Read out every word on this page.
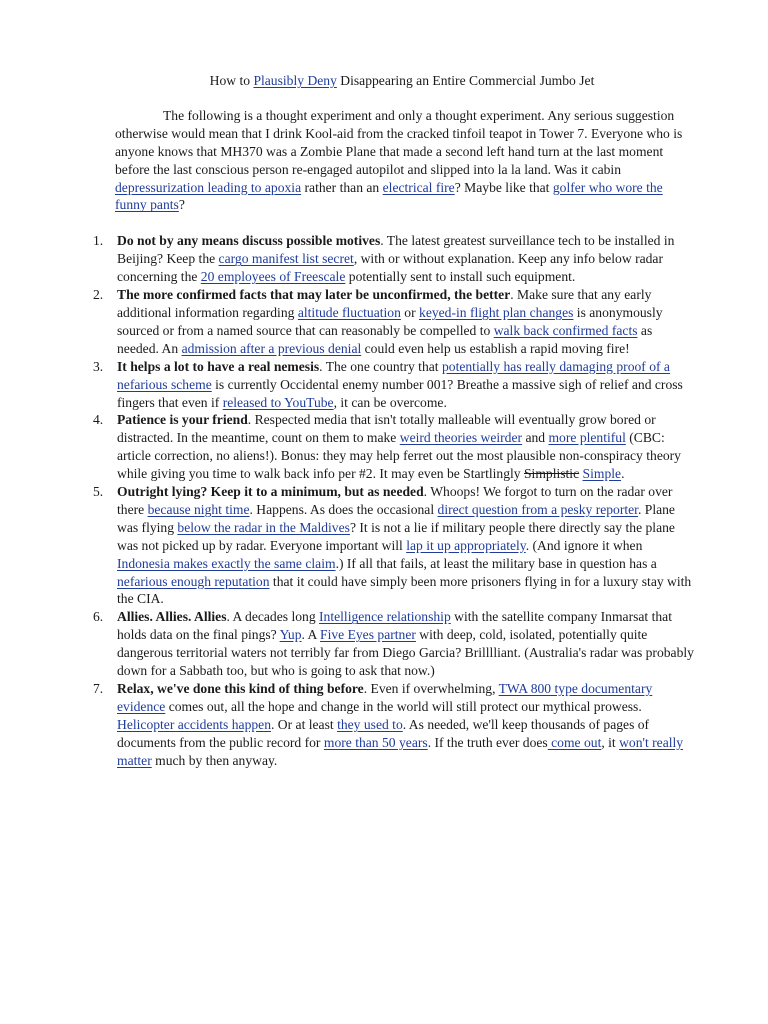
How to Plausibly Deny Disappearing an Entire Commercial Jumbo Jet

The following is a thought experiment and only a thought experiment. Any serious suggestion otherwise would mean that I drink Kool-aid from the cracked tinfoil teapot in Tower 7. Everyone who is anyone knows that MH370 was a Zombie Plane that made a second left hand turn at the last moment before the last conscious person re-engaged autopilot and slipped into la la land. Was it cabin depressurization leading to apoxia rather than an electrical fire? Maybe like that golfer who wore the funny pants?

1. Do not by any means discuss possible motives. The latest greatest surveillance tech to be installed in Beijing? Keep the cargo manifest list secret, with or without explanation. Keep any info below radar concerning the 20 employees of Freescale potentially sent to install such equipment.
2. The more confirmed facts that may later be unconfirmed, the better. Make sure that any early additional information regarding altitude fluctuation or keyed-in flight plan changes is anonymously sourced or from a named source that can reasonably be compelled to walk back confirmed facts as needed. An admission after a previous denial could even help us establish a rapid moving fire!
3. It helps a lot to have a real nemesis. The one country that potentially has really damaging proof of a nefarious scheme is currently Occidental enemy number 001? Breathe a massive sigh of relief and cross fingers that even if released to YouTube, it can be overcome.
4. Patience is your friend. Respected media that isn't totally malleable will eventually grow bored or distracted. In the meantime, count on them to make weird theories weirder and more plentiful (CBC: article correction, no aliens!). Bonus: they may help ferret out the most plausible non-conspiracy theory while giving you time to walk back info per #2. It may even be Startlingly Simplistic Simple.
5. Outright lying? Keep it to a minimum, but as needed. Whoops! We forgot to turn on the radar over there because night time. Happens. As does the occasional direct question from a pesky reporter. Plane was flying below the radar in the Maldives? It is not a lie if military people there directly say the plane was not picked up by radar. Everyone important will lap it up appropriately. (And ignore it when Indonesia makes exactly the same claim.) If all that fails, at least the military base in question has a nefarious enough reputation that it could have simply been more prisoners flying in for a luxury stay with the CIA.
6. Allies. Allies. Allies. A decades long Intelligence relationship with the satellite company Inmarsat that holds data on the final pings? Yup. A Five Eyes partner with deep, cold, isolated, potentially quite dangerous territorial waters not terribly far from Diego Garcia? Brilllliant. (Australia's radar was probably down for a Sabbath too, but who is going to ask that now.)
7. Relax, we've done this kind of thing before. Even if overwhelming, TWA 800 type documentary evidence comes out, all the hope and change in the world will still protect our mythical prowess. Helicopter accidents happen. Or at least they used to. As needed, we'll keep thousands of pages of documents from the public record for more than 50 years. If the truth ever does come out, it won't really matter much by then anyway.
